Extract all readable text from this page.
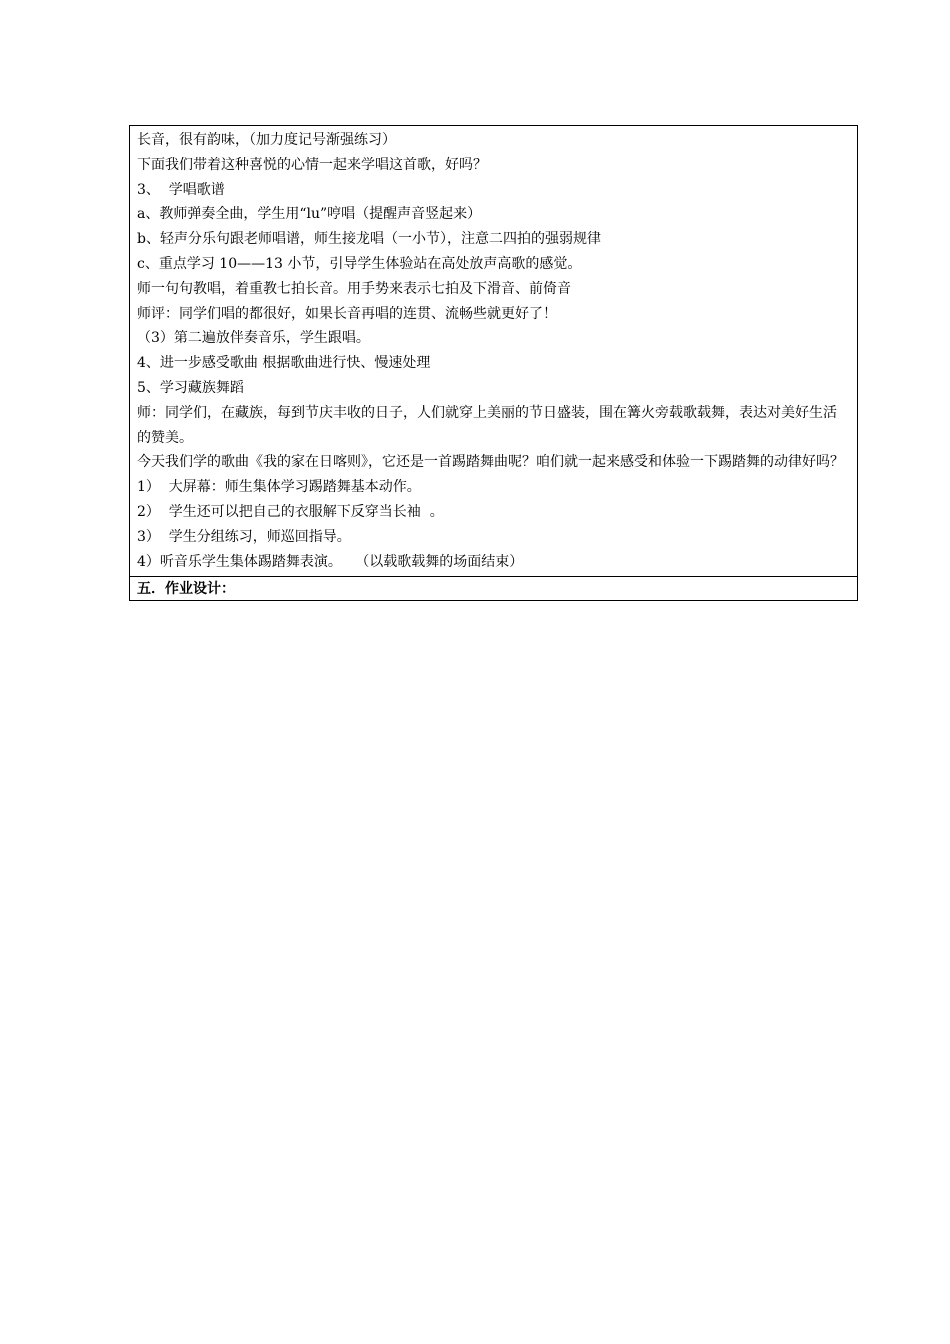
长音，很有韵味，（加力度记号渐强练习）
下面我们带着这种喜悦的心情一起来学唱这首歌，好吗？
3、  学唱歌谱
a、教师弹奏全曲，学生用“lu”哼唱（提醒声音竖起来）
b、轻声分乐句跟老师唱谱，师生接龙唱（一小节），注意二四拍的强弱规律
c、重点学习 10——13 小节，引导学生体验站在高处放声高歌的感觉。
师一句句教唱，着重教七拍长音。用手势来表示七拍及下滑音、前倚音
师评：同学们唱的都很好，如果长音再唱的连贯、流畅些就更好了！
（3）第二遍放伴奏音乐，学生跟唱。
4、进一步感受歌曲 根据歌曲进行快、慢速处理
5、学习藏族舞蹈
师：同学们，在藏族，每到节庆丰收的日子，人们就穿上美丽的节日盛装，围在篝火旁载歌载舞，表达对美好生活的赞美。
今天我们学的歌曲《我的家在日喀则》，它还是一首踢踏舞曲呢？咱们就一起来感受和体验一下踢踏舞的动律好吗？
1）  大屏幕：师生集体学习踢踏舞基本动作。
2）  学生还可以把自己的衣服解下反穿当长袖  。
3）  学生分组练习，师巡回指导。
4）听音乐学生集体踢踏舞表演。   （以载歌载舞的场面结束）
五．作业设计：
